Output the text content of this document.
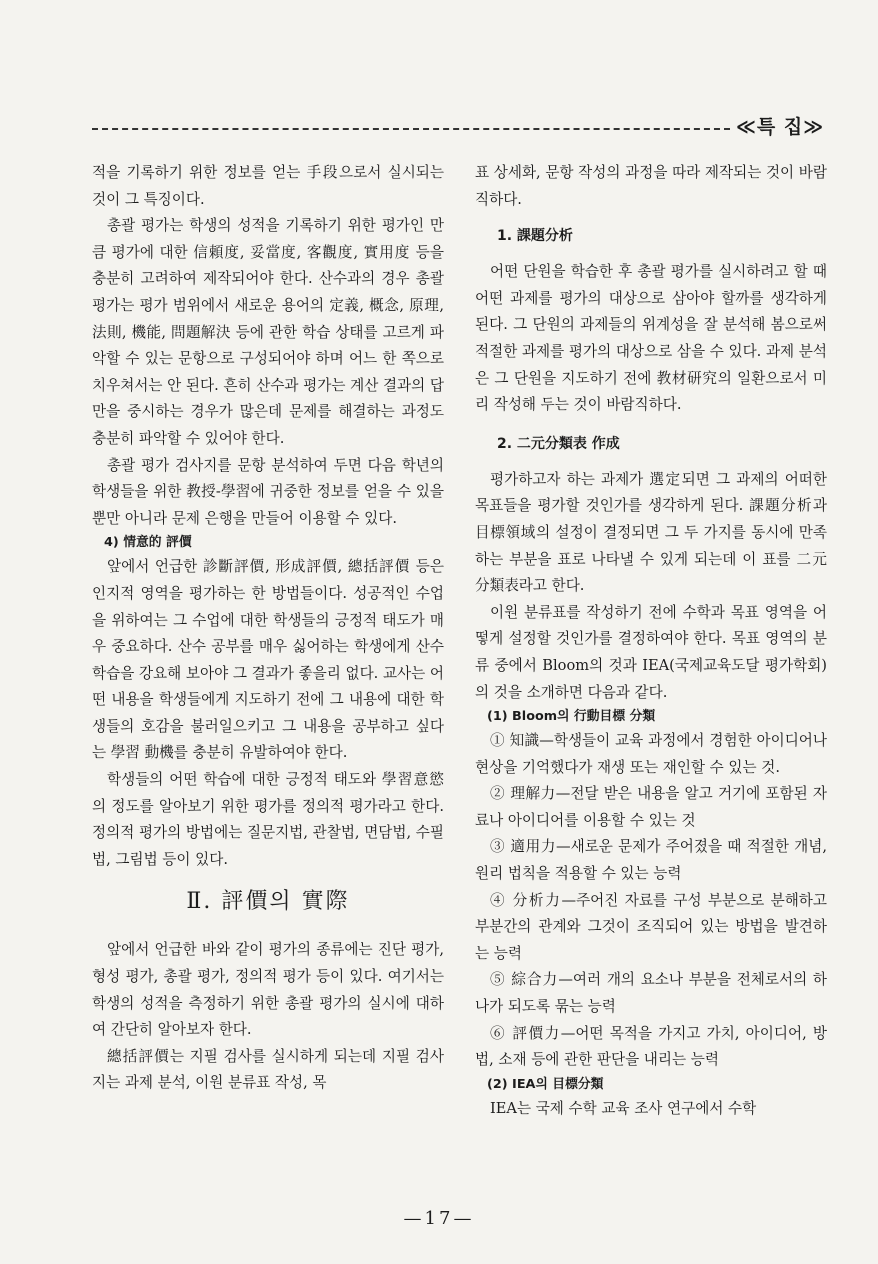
≪특 집≫

적을 기록하기 위한 정보를 얻는 手段으로서 실시되는 것이 그 특징이다.

총괄 평가는 학생의 성적을 기록하기 위한 평가인 만큼 평가에 대한 信頼度, 妥當度, 客觀度, 實用度 등을 충분히 고려하여 제작되어야 한다. 산수과의 경우 총괄 평가는 평가 범위에서 새로운 용어의 定義, 概念, 原理, 法則, 機能, 問題解決 등에 관한 학습 상태를 고르게 파악할 수 있는 문항으로 구성되어야 하며 어느 한 쪽으로 치우쳐서는 안 된다. 흔히 산수과 평가는 계산 결과의 답만을 중시하는 경우가 많은데 문제를 해결하는 과정도 충분히 파악할 수 있어야 한다.

총괄 평가 검사지를 문항 분석하여 두면 다음 학년의 학생들을 위한 教授-學習에 귀중한 정보를 얻을 수 있을 뿐만 아니라 문제 은행을 만들어 이용할 수 있다.

4) 情意的 評價

앞에서 언급한 診斷評價, 形成評價, 總括評價 등은 인지적 영역을 평가하는 한 방법들이다. 성공적인 수업을 위하여는 그 수업에 대한 학생들의 긍정적 태도가 매우 중요하다. 산수 공부를 매우 싫어하는 학생에게 산수 학습을 강요해 보아야 그 결과가 좋을리 없다. 교사는 어떤 내용을 학생들에게 지도하기 전에 그 내용에 대한 학생들의 호감을 불러일으키고 그 내용을 공부하고 싶다는 學習 動機를 충분히 유발하여야 한다.

학생들의 어떤 학습에 대한 긍정적 태도와 學習意慾의 정도를 알아보기 위한 평가를 정의적 평가라고 한다. 정의적 평가의 방법에는 질문지법, 관찰법, 면담법, 수필법, 그림법 등이 있다.

Ⅱ. 評價의 實際

앞에서 언급한 바와 같이 평가의 종류에는 진단 평가, 형성 평가, 총괄 평가, 정의적 평가 등이 있다. 여기서는 학생의 성적을 측정하기 위한 총괄 평가의 실시에 대하여 간단히 알아보자 한다.

總括評價는 지필 검사를 실시하게 되는데 지필 검사지는 과제 분석, 이원 분류표 작성, 목

표 상세화, 문항 작성의 과정을 따라 제작되는 것이 바람직하다.

1. 課題分析

어떤 단원을 학습한 후 총괄 평가를 실시하려고 할 때 어떤 과제를 평가의 대상으로 삼아야 할까를 생각하게 된다. 그 단원의 과제들의 위계성을 잘 분석해 봄으로써 적절한 과제를 평가의 대상으로 삼을 수 있다. 과제 분석은 그 단원을 지도하기 전에 教材研究의 일환으로서 미리 작성해 두는 것이 바람직하다.

2. 二元分類表 作成

평가하고자 하는 과제가 選定되면 그 과제의 어떠한 목표들을 평가할 것인가를 생각하게 된다. 課題分析과 目標領域의 설정이 결정되면 그 두 가지를 동시에 만족하는 부분을 표로 나타낼 수 있게 되는데 이 표를 二元分類表라고 한다.

이원 분류표를 작성하기 전에 수학과 목표 영역을 어떻게 설정할 것인가를 결정하여야 한다. 목표 영역의 분류 중에서 Bloom의 것과 IEA(국제교육도달 평가학회)의 것을 소개하면 다음과 같다.

(1) Bloom의 行動目標 分類

① 知識—학생들이 교육 과정에서 경험한 아이디어나 현상을 기억했다가 재생 또는 재인할 수 있는 것.

② 理解力—전달 받은 내용을 알고 거기에 포함된 자료나 아이디어를 이용할 수 있는 것

③ 適用力—새로운 문제가 주어졌을 때 적절한 개념, 원리 법칙을 적용할 수 있는 능력

④ 分析力—주어진 자료를 구성 부분으로 분해하고 부분간의 관계와 그것이 조직되어 있는 방법을 발견하는 능력

⑤ 綜合力—여러 개의 요소나 부분을 전체로서의 하나가 되도록 묶는 능력

⑥ 評價力—어떤 목적을 가지고 가치, 아이디어, 방법, 소재 등에 관한 판단을 내리는 능력

(2) IEA의 目標分類

IEA는 국제 수학 교육 조사 연구에서 수학

—17—
